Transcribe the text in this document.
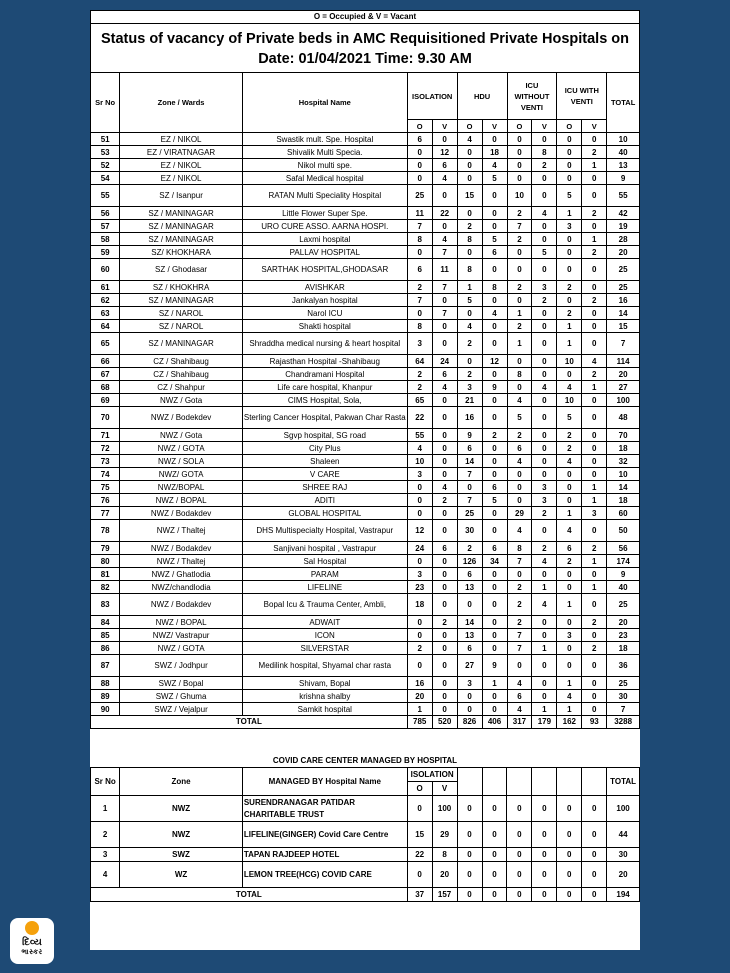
O = Occupied & V = Vacant											

Status of vacancy of Private beds in AMC Requisitioned Private Hospitals on
Date: 01/04/2021 Time: 9.30 AM											

Sr No	Zone / Wards	Hospital Name	ISOLATION		HDU		ICU WITHOUT VENTI		ICU WITH VENTI		TOTAL
			O	V	O	V	O	V	O	V	
51	EZ / NIKOL	Swastik mult. Spe. Hospital	6	0	4	0	0	0	0	0	10
53	EZ / VIRATNAGAR	Shivalik Multi Specia.	0	12	0	18	0	8	0	2	40
52	EZ / NIKOL	Nikol multi spe.	0	6	0	4	0	2	0	1	13
54	EZ / NIKOL	Safal Medical hospital	0	4	0	5	0	0	0	0	9
55	SZ / Isanpur	RATAN Multi Speciality Hospital	25	0	15	0	10	0	5	0	55
56	SZ / MANINAGAR	Little Flower Super Spe.	11	22	0	0	2	4	1	2	42
57	SZ / MANINAGAR	URO CURE ASSO. AARNA HOSPI.	7	0	2	0	7	0	3	0	19
58	SZ / MANINAGAR	Laxmi hospital	8	4	8	5	2	0	0	1	28
59	SZ/ KHOKHARA	PALLAV HOSPITAL	0	7	0	6	0	5	0	2	20
60	SZ / Ghodasar	SARTHAK HOSPITAL,GHODASAR	6	11	8	0	0	0	0	0	25
61	SZ / KHOKHRA	AVISHKAR	2	7	1	8	2	3	2	0	25
62	SZ / MANINAGAR	Jankalyan hospital	7	0	5	0	0	2	0	2	16
63	SZ / NAROL	Narol ICU	0	7	0	4	1	0	2	0	14
64	SZ / NAROL	Shakti hospital	8	0	4	0	2	0	1	0	15
65	SZ / MANINAGAR	Shraddha medical nursing & heart hospital	3	0	2	0	1	0	1	0	7
66	CZ / Shahibaug	Rajasthan Hospital -Shahibaug	64	24	0	12	0	0	10	4	114
67	CZ / Shahibaug	Chandramani Hospital	2	6	2	0	8	0	0	2	20
68	CZ / Shahpur	Life care hospital, Khanpur	2	4	3	9	0	4	4	1	27
69	NWZ / Gota	CIMS Hospital, Sola,	65	0	21	0	4	0	10	0	100
70	NWZ / Bodekdev	Sterling Cancer Hospital, Pakwan Char Rasta	22	0	16	0	5	0	5	0	48
71	NWZ / Gota	Sgvp hospital, SG road	55	0	9	2	2	0	2	0	70
72	NWZ / GOTA	City Plus	4	0	6	0	6	0	2	0	18
73	NWZ / SOLA	Shaleen	10	0	14	0	4	0	4	0	32
74	NWZ/ GOTA	V CARE	3	0	7	0	0	0	0	0	10
75	NWZ/BOPAL	SHREE RAJ	0	4	0	6	0	3	0	1	14
76	NWZ / BOPAL	ADITI	0	2	7	5	0	3	0	1	18
77	NWZ / Bodakdev	GLOBAL HOSPITAL	0	0	25	0	29	2	1	3	60
78	NWZ / Thaltej	DHS Multispecialty Hospital, Vastrapur	12	0	30	0	4	0	4	0	50
79	NWZ / Bodakdev	Sanjivani hospital , Vastrapur	24	6	2	6	8	2	6	2	56
80	NWZ / Thaltej	Sal Hospital	0	0	126	34	7	4	2	1	174
81	NWZ / Ghatlodia	PARAM	3	0	6	0	0	0	0	0	9
82	NWZ/chandlodia	LIFELINE	23	0	13	0	2	1	0	1	40
83	NWZ / Bodakdev	Bopal Icu & Trauma Center, Ambli,	18	0	0	0	2	4	1	0	25
84	NWZ / BOPAL	ADWAIT	0	2	14	0	2	0	0	2	20
85	NWZ/ Vastrapur	ICON	0	0	13	0	7	0	3	0	23
86	NWZ / GOTA	SILVERSTAR	2	0	6	0	7	1	0	2	18
87	SWZ / Jodhpur	Medilink hospital, Shyamal char rasta	0	0	27	9	0	0	0	0	36
88	SWZ / Bopal	Shivam, Bopal	16	0	3	1	4	0	1	0	25
89	SWZ / Ghuma	krishna shalby	20	0	0	0	6	0	4	0	30
90	SWZ / Vejalpur	Samkit hospital	1	0	0	0	4	1	1	0	7
TOTAL			785	520	826	406	317	179	162	93	3288
COVID CARE CENTER MANAGED BY HOSPITAL											
Sr No	Zone	MANAGED BY Hospital Name	ISOLATION								TOTAL
			O	V							
1	NWZ	SURENDRANAGAR PATIDAR CHARITABLE TRUST	0	100	0	0	0	0	0	0	100
2	NWZ	LIFELINE(GINGER) Covid Care Centre	15	29	0	0	0	0	0	0	44
3	SWZ	TAPAN RAJDEEP HOTEL	22	8	0	0	0	0	0	0	30
4	WZ	LEMON TREE(HCG) COVID CARE	0	20	0	0	0	0	0	0	20
TOTAL			37	157	0	0	0	0	0	0	194
દિવ્ય
ભાસ્કર
